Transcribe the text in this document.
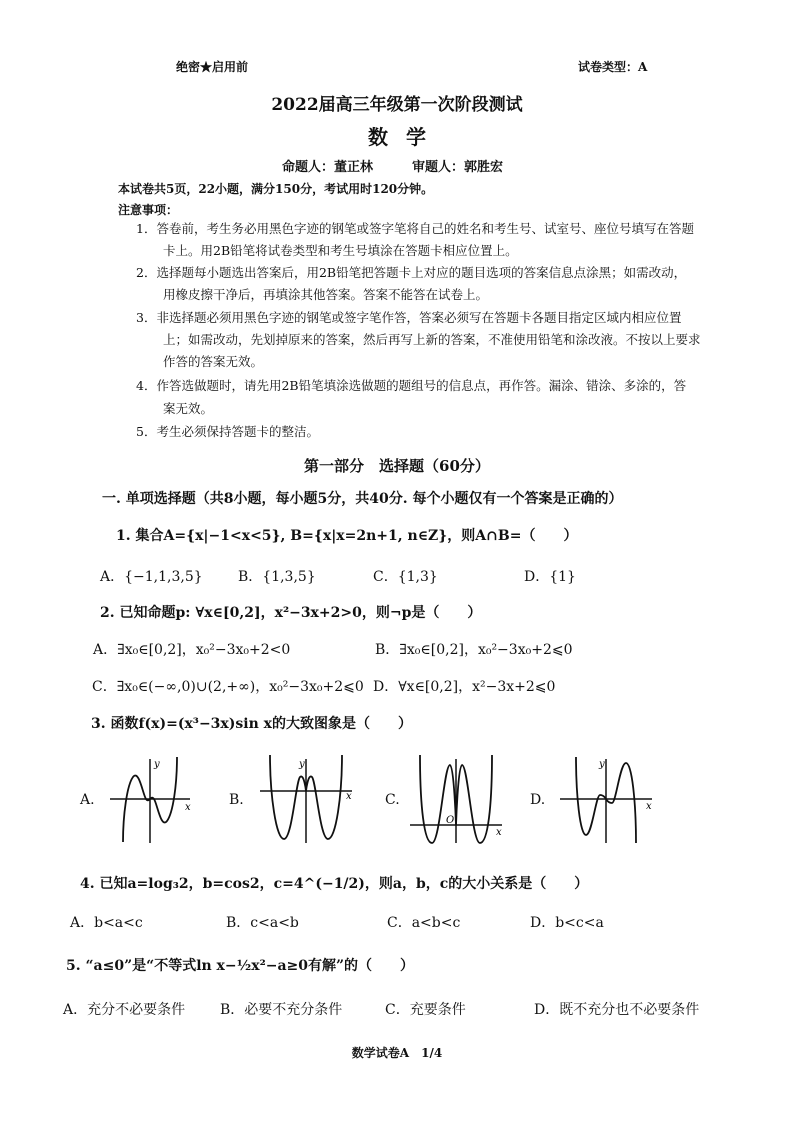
绝密★启用前	试卷类型：A
2022届高三年级第一次阶段测试
数学
命题人：董正林　　　审题人：郭胜宏
本试卷共5页，22小题，满分150分，考试用时120分钟。
注意事项：
1．答卷前，考生务必用黑色字迹的钢笔或签字笔将自己的姓名和考生号、试室号、座位号填写在答题
卡上。用2B铅笔将试卷类型和考生号填涂在答题卡相应位置上。
2．选择题每小题选出答案后，用2B铅笔把答题卡上对应的题目选项的答案信息点涂黑；如需改动，
用橡皮擦干净后，再填涂其他答案。答案不能答在试卷上。
3．非选择题必须用黑色字迹的钢笔或签字笔作答，答案必须写在答题卡各题目指定区域内相应位置
上；如需改动，先划掉原来的答案，然后再写上新的答案，不准使用铅笔和涂改液。不按以上要求
作答的答案无效。
4．作答选做题时，请先用2B铅笔填涂选做题的题组号的信息点，再作答。漏涂、错涂、多涂的，答
案无效。
5．考生必须保持答题卡的整洁。
第一部分　选择题（60分）
一. 单项选择题（共8小题，每小题5分，共40分. 每个小题仅有一个答案是正确的）
1. 集合A={x|−1<x<5}, B={x|x=2n+1, n∈Z}，则A∩B=（　　）
A．{−1,1,3,5}	B．{1,3,5}	C．{1,3}	D．{1}
2. 已知命题p: ∀x∈[0,2]，x²−3x+2>0，则¬p是（　　）
A．∃x₀∈[0,2]，x₀²−3x₀+2<0	B．∃x₀∈[0,2]，x₀²−3x₀+2⩽0
C．∃x₀∈(−∞,0)∪(2,+∞)，x₀²−3x₀+2⩽0 D．∀x∈[0,2]，x²−3x+2⩽0
3. 函数f(x)=(x³−3x)sin x的大致图象是（　　）
A.
y
x	B.
y
x C.
O
x
D.
y
x
4. 已知a=log₃2，b=cos2，c=4^(−1/2)，则a，b，c的大小关系是（　　）
A．b<a<c	B．c<a<b	C．a<b<c	D．b<c<a
5. “a≤0”是“不等式ln x−½x²−a≥0有解”的（　　）
A．充分不必要条件 B．必要不充分条件	C．充要条件	D．既不充分也不必要条件
数学试卷A　1/4
